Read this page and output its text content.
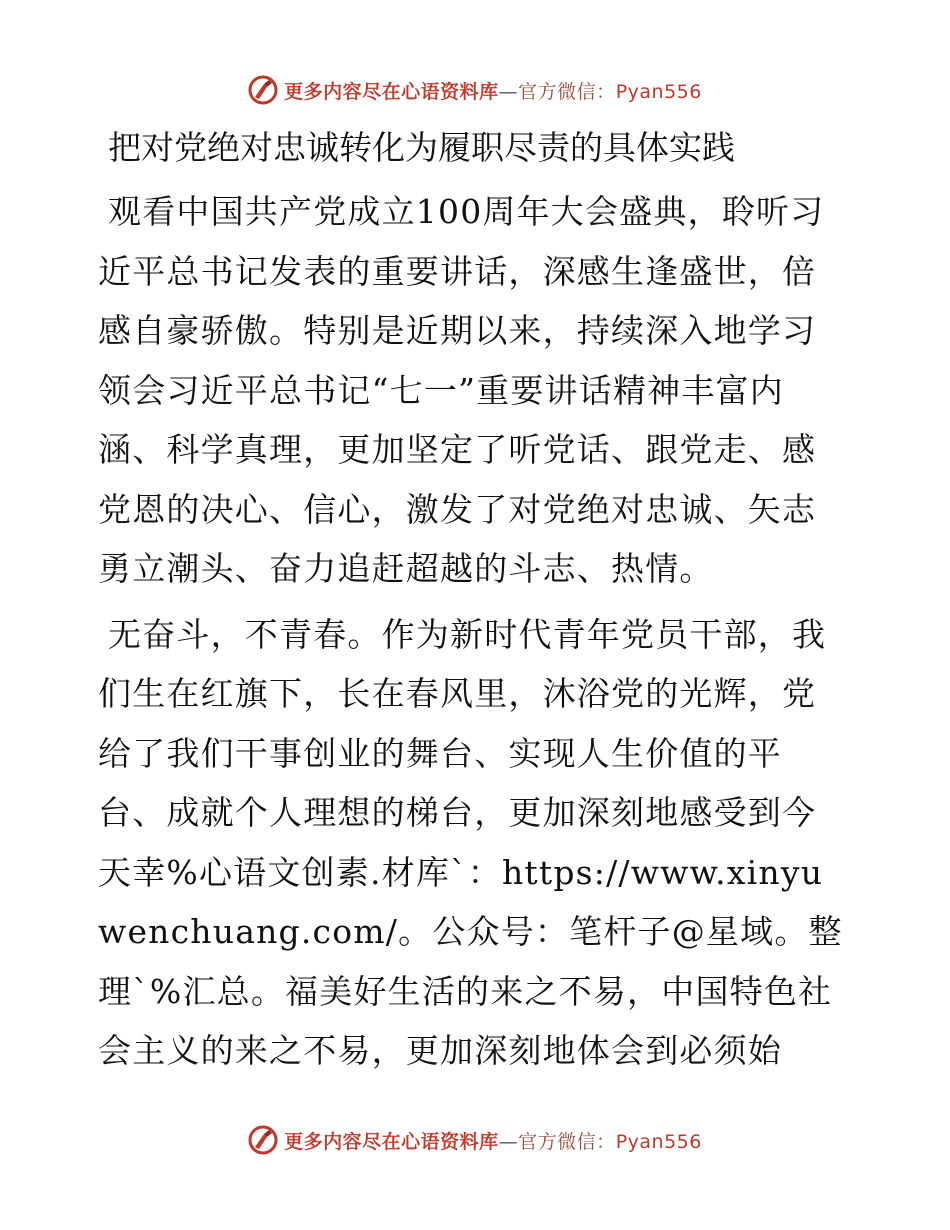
更多内容尽在心语资料库—官方微信：Pyan556
把对党绝对忠诚转化为履职尽责的具体实践

观看中国共产党成立100周年大会盛典，聆听习近平总书记发表的重要讲话，深感生逢盛世，倍感自豪骄傲。特别是近期以来，持续深入地学习领会习近平总书记“七一”重要讲话精神丰富内涵、科学真理，更加坚定了听党话、跟党走、感党恩的决心、信心，激发了对党绝对忠诚、矢志勇立潮头、奋力追赶超越的斗志、热情。

无奋斗，不青春。作为新时代青年党员干部，我们生在红旗下，长在春风里，沐浴党的光辉，党给了我们干事创业的舞台、实现人生价值的平台、成就个人理想的梯台，更加深刻地感受到今天幸%心语文创素.材库`：https://www.xinyuwenchuang.com/。公众号：笔杆子@星域。整理`%汇总。福美好生活的来之不易，中国特色社会主义的来之不易，更加深刻地体会到必须始

更多内容尽在心语资料库—官方微信：Pyan556
